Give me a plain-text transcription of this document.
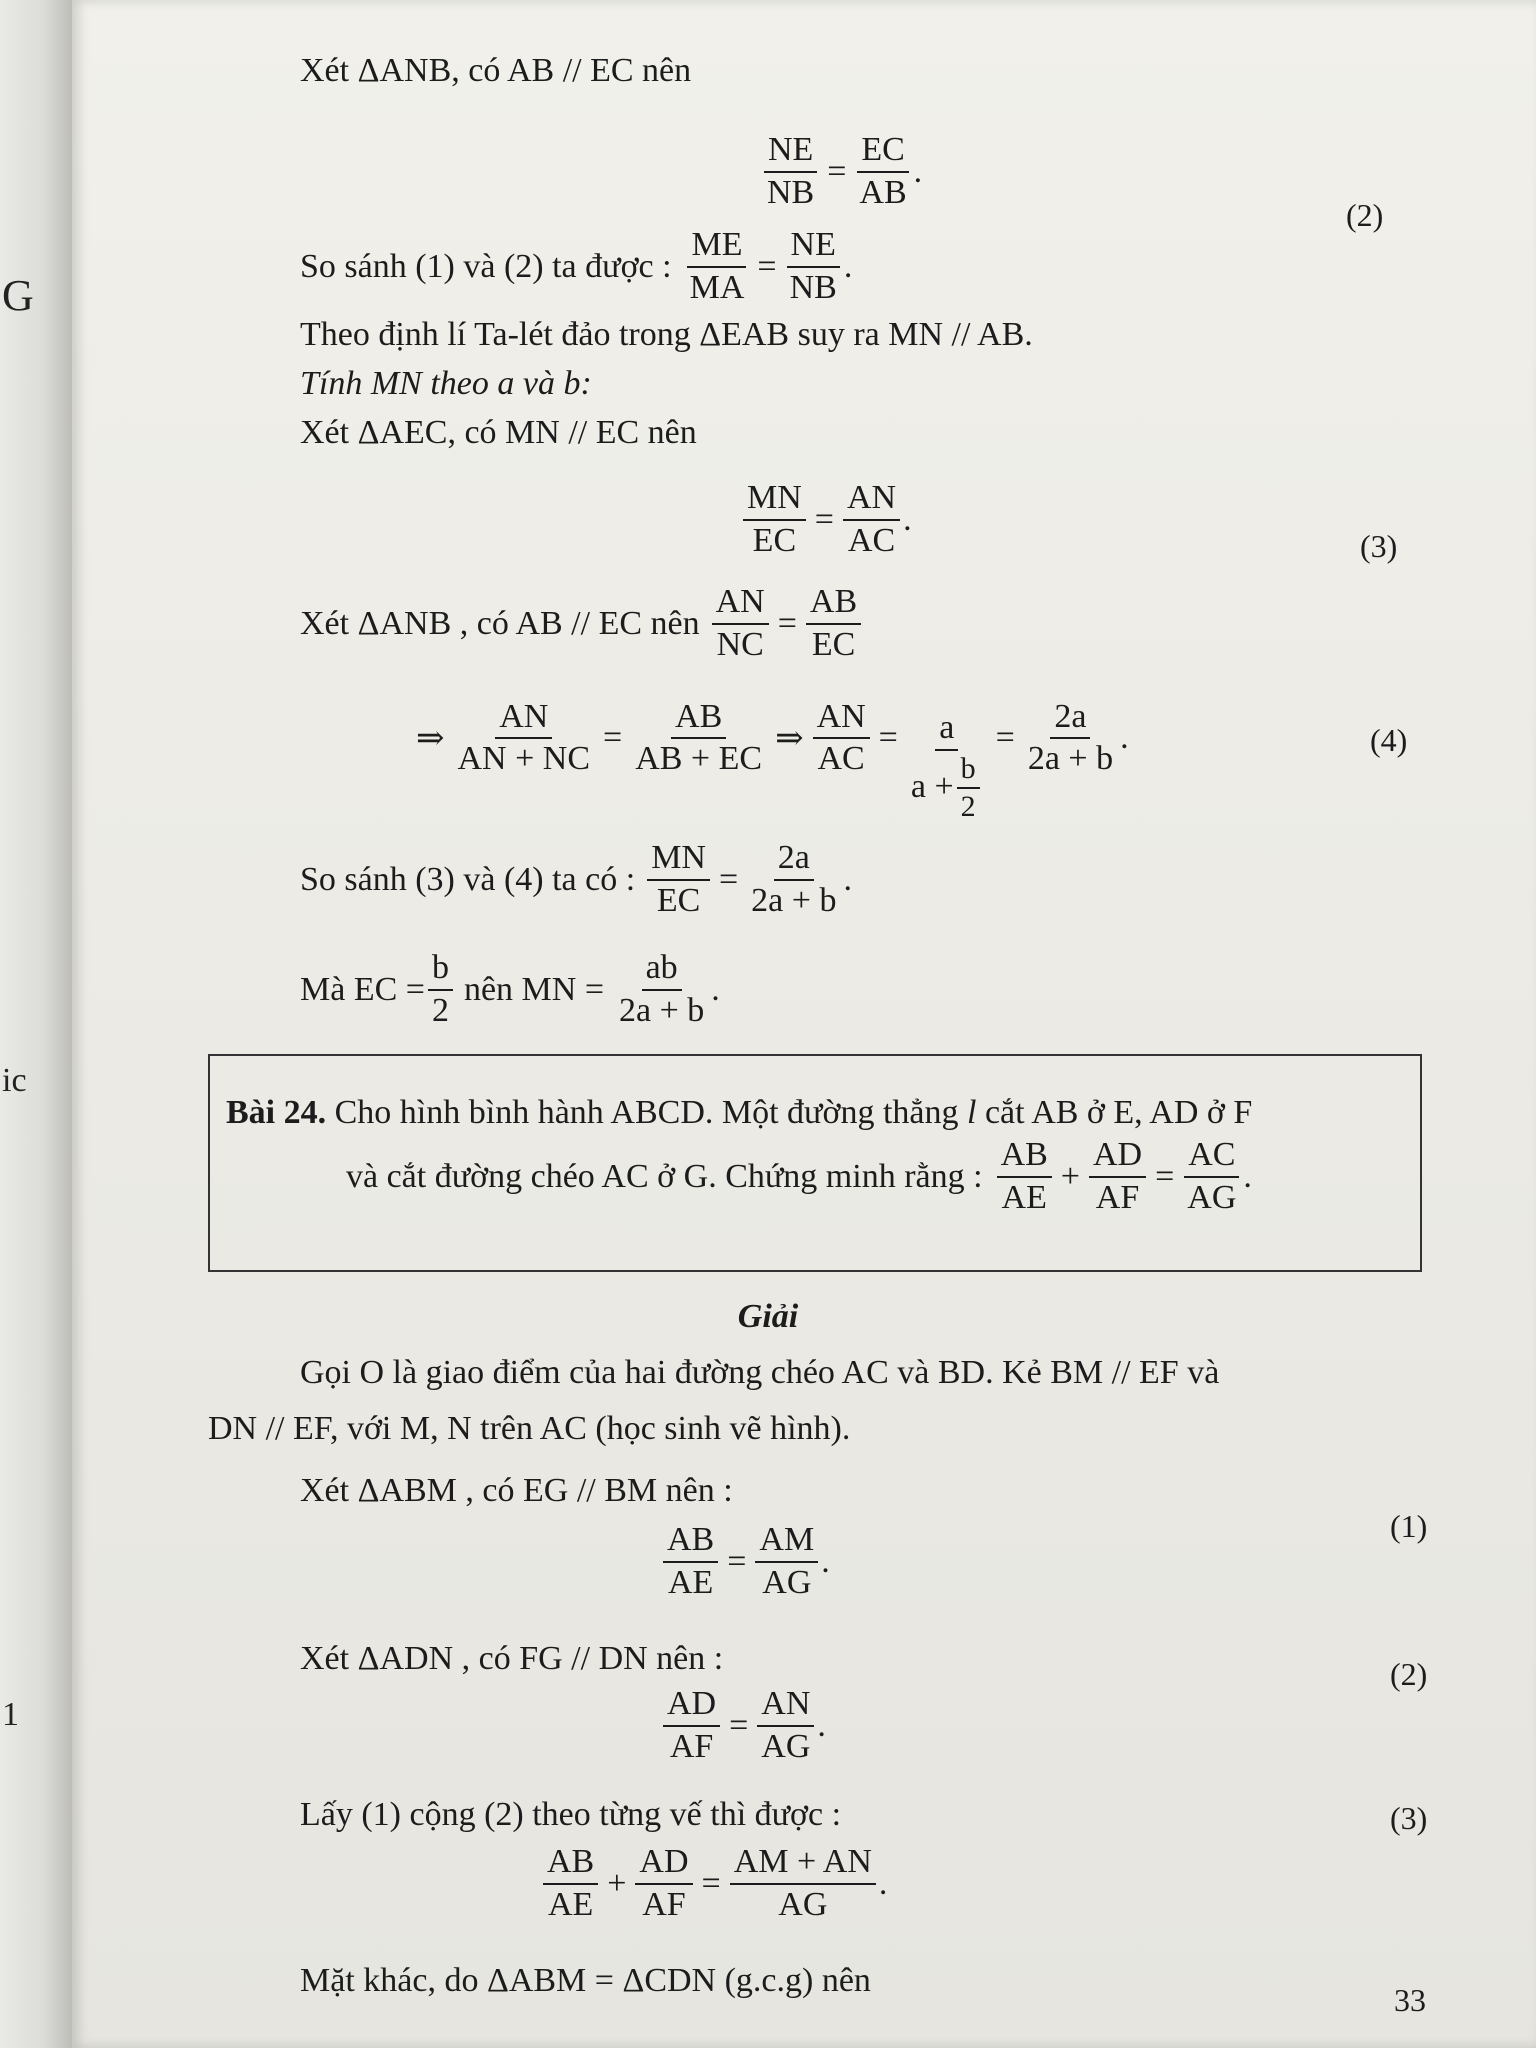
G
ic
1
Xét ΔANB, có AB // EC nên
$\frac{NE}{NB} = \frac{EC}{AB}$ .
(2)
So sánh (1) và (2) ta được : $\frac{ME}{MA} = \frac{NE}{NB}$ .
Theo định lí Ta-lét đảo trong ΔEAB suy ra MN // AB.
Tính MN theo a và b:
Xét ΔAEC, có MN // EC nên
$\frac{MN}{EC} = \frac{AN}{AC}$ .
(3)
Xét ΔANB , có AB // EC nên $\frac{AN}{NC} = \frac{AB}{EC}$
⇒ $\frac{AN}{AN + NC} = \frac{AB}{AB + EC}$ ⇒ $\frac{AN}{AC} = \frac{a}{a + \frac{b}{2}} = \frac{2a}{2a + b}$ .	(4)
So sánh (3) và (4) ta có : $\frac{MN}{EC} = \frac{2a}{2a + b}$ .
Mà EC = $\frac{b}{2}$ nên MN = $\frac{ab}{2a + b}$ .
Bài 24. Cho hình bình hành ABCD. Một đường thẳng l cắt AB ở E, AD ở F
và cắt đường chéo AC ở G. Chứng minh rằng : $\frac{AB}{AE} + \frac{AD}{AF} = \frac{AC}{AG}$ .
Giải
Gọi O là giao điểm của hai đường chéo AC và BD. Kẻ BM // EF và
DN // EF, với M, N trên AC (học sinh vẽ hình).
Xét ΔABM , có EG // BM nên :
$\frac{AB}{AE} = \frac{AM}{AG}$ .
(1)
Xét ΔADN , có FG // DN nên :
$\frac{AD}{AF} = \frac{AN}{AG}$ .
(2)
Lấy (1) cộng (2) theo từng vế thì được :	(3)
$\frac{AB}{AE} + \frac{AD}{AF} = \frac{AM + AN}{AG}$ .
Mặt khác, do ΔABM = ΔCDN (g.c.g) nên
33
